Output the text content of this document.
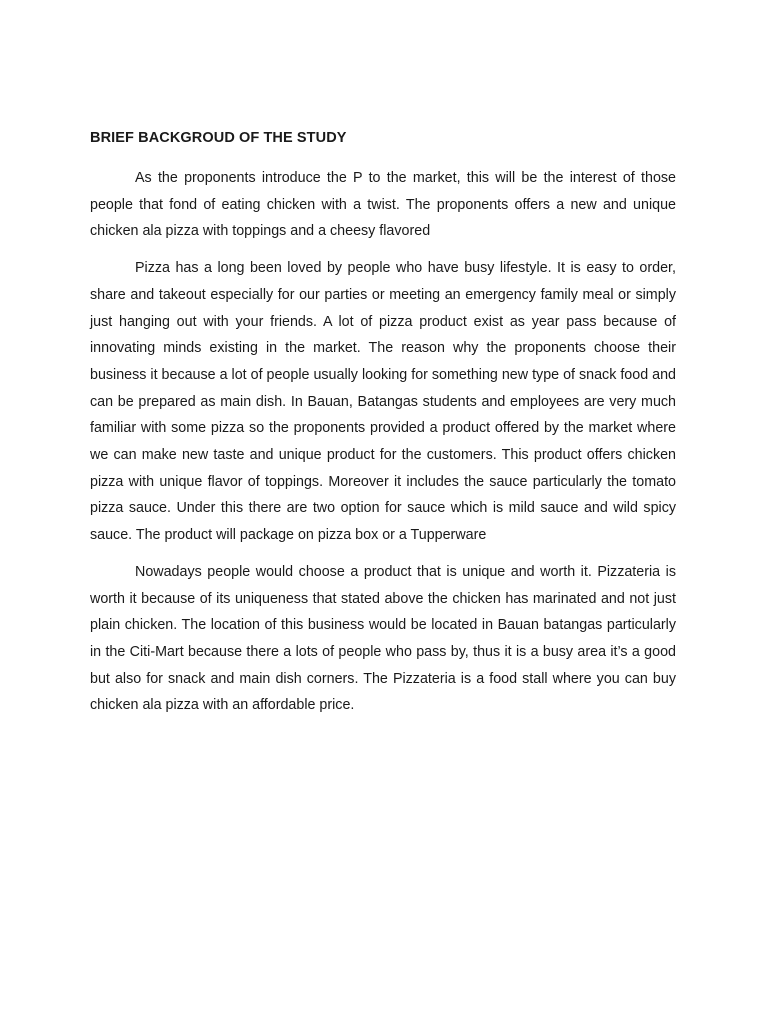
BRIEF BACKGROUD OF THE STUDY

As the proponents introduce the P to the market, this will be the interest of those people that fond of eating chicken with a twist. The proponents offers a new and unique chicken ala pizza with toppings and a cheesy flavored

Pizza has a long been loved by people who have busy lifestyle. It is easy to order, share and takeout especially for our parties or meeting an emergency family meal or simply just hanging out with your friends. A lot of pizza product exist as year pass because of innovating minds existing in the market. The reason why the proponents choose their business it because a lot of people usually looking for something new type of snack food and can be prepared as main dish. In Bauan, Batangas students and employees are very much familiar with some pizza so the proponents provided a product offered by the market where we can make new taste and unique product for the customers. This product offers chicken pizza with unique flavor of toppings. Moreover it includes the sauce particularly the tomato pizza sauce. Under this there are two option for sauce which is mild sauce and wild spicy sauce. The product will package on pizza box or a Tupperware

Nowadays people would choose a product that is unique and worth it. Pizzateria is worth it because of its uniqueness that stated above the chicken has marinated and not just plain chicken. The location of this business would be located in Bauan batangas particularly in the Citi-Mart because there a lots of people who pass by, thus it is a busy area it’s a good but also for snack and main dish corners. The Pizzateria is a food stall where you can buy chicken ala pizza with an affordable price.
